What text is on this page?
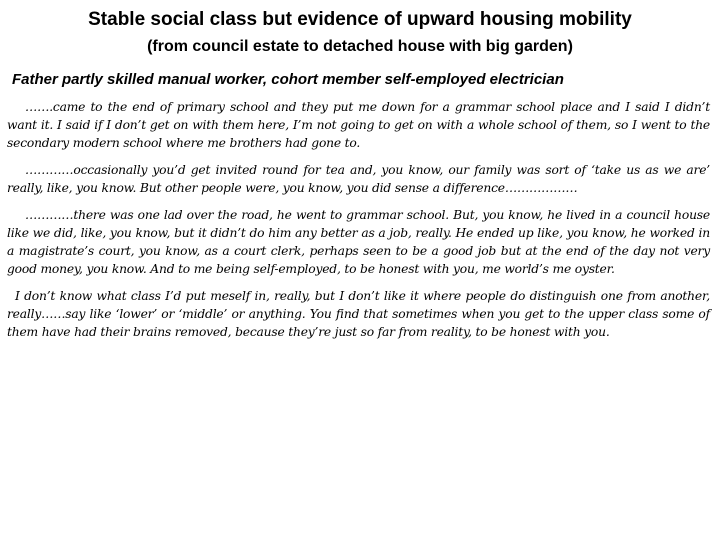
Stable social class but evidence of upward housing mobility
(from council estate to detached house with big garden)

Father partly skilled manual worker, cohort member self-employed electrician

…….came to the end of primary school and they put me down for a grammar school place and I said I didn’t want it. I said if I don’t get on with them here, I’m not going to get on with a whole school of them, so I went to the secondary modern school where me brothers had gone to.

…………occasionally you’d get invited round for tea and, you know, our family was sort of ‘take us as we are’ really, like, you know. But other people were, you know, you did sense a difference………………

…………there was one lad over the road, he went to grammar school. But, you know, he lived in a council house like we did, like, you know, but it didn’t do him any better as a job, really. He ended up like, you know, he worked in a magistrate’s court, you know, as a court clerk, perhaps seen to be a good job but at the end of the day not very good money, you know. And to me being self-employed, to be honest with you, me world’s me oyster.

I don’t know what class I’d put meself in, really, but I don’t like it where people do distinguish one from another, really……say like ‘lower’ or ‘middle’ or anything. You find that sometimes when you get to the upper class some of them have had their brains removed, because they’re just so far from reality, to be honest with you.
